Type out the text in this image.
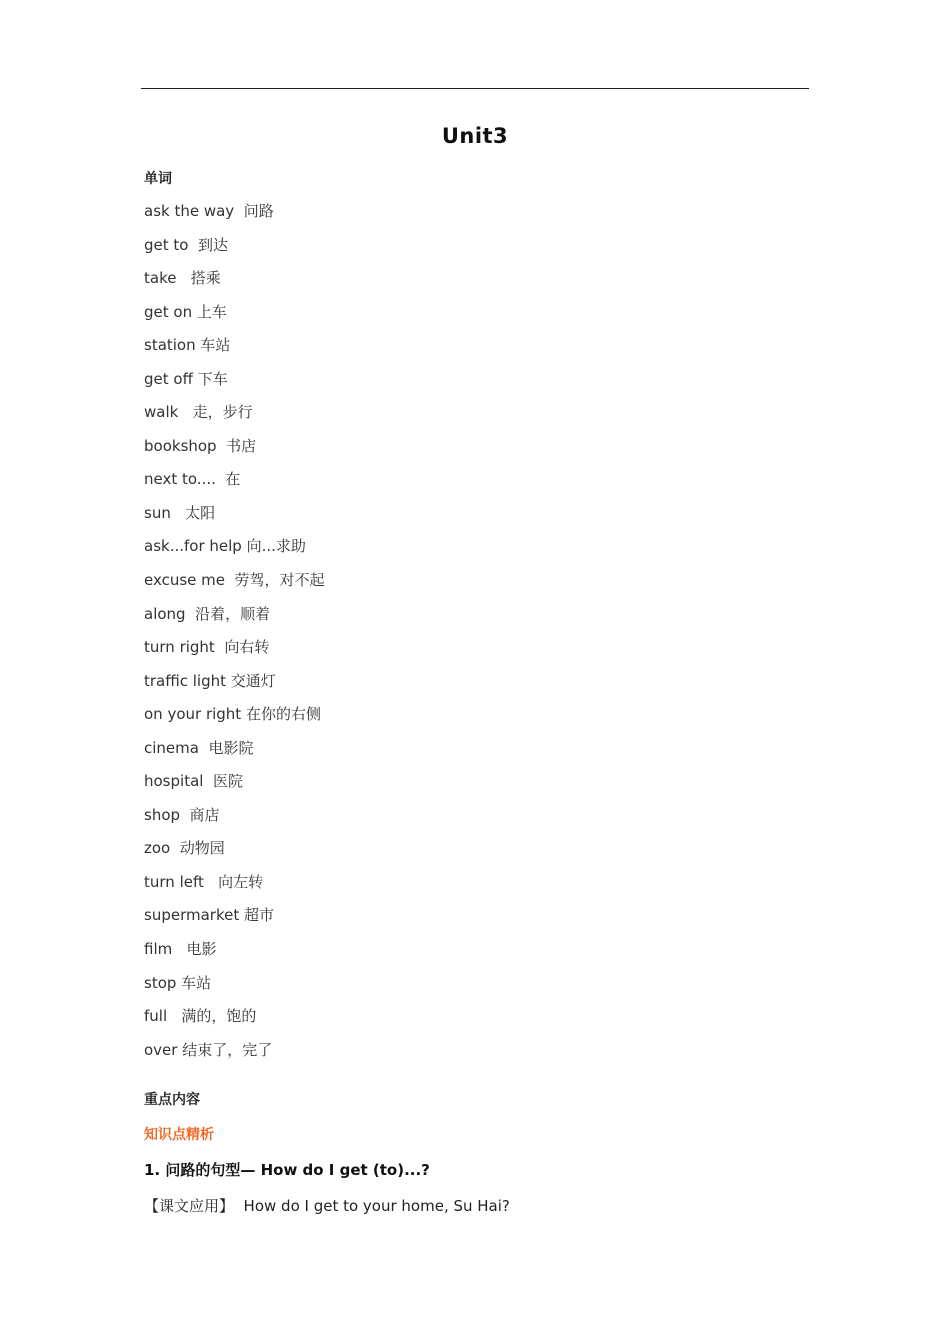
Unit3
单词
ask the way  问路
get to  到达
take   搭乘
get on 上车
station 车站
get off 下车
walk   走，步行
bookshop  书店
next to....  在
sun   太阳
ask...for help 向...求助
excuse me  劳驾，对不起
along  沿着，顺着
turn right  向右转
traffic light 交通灯
on your right 在你的右侧
cinema  电影院
hospital  医院
shop  商店
zoo  动物园
turn left   向左转
supermarket 超市
film   电影
stop 车站
full   满的，饱的
over 结束了，完了
重点内容
知识点精析
1. 问路的句型— How do I get (to)...?
【课文应用】  How do I get to your home, Su Hai?
